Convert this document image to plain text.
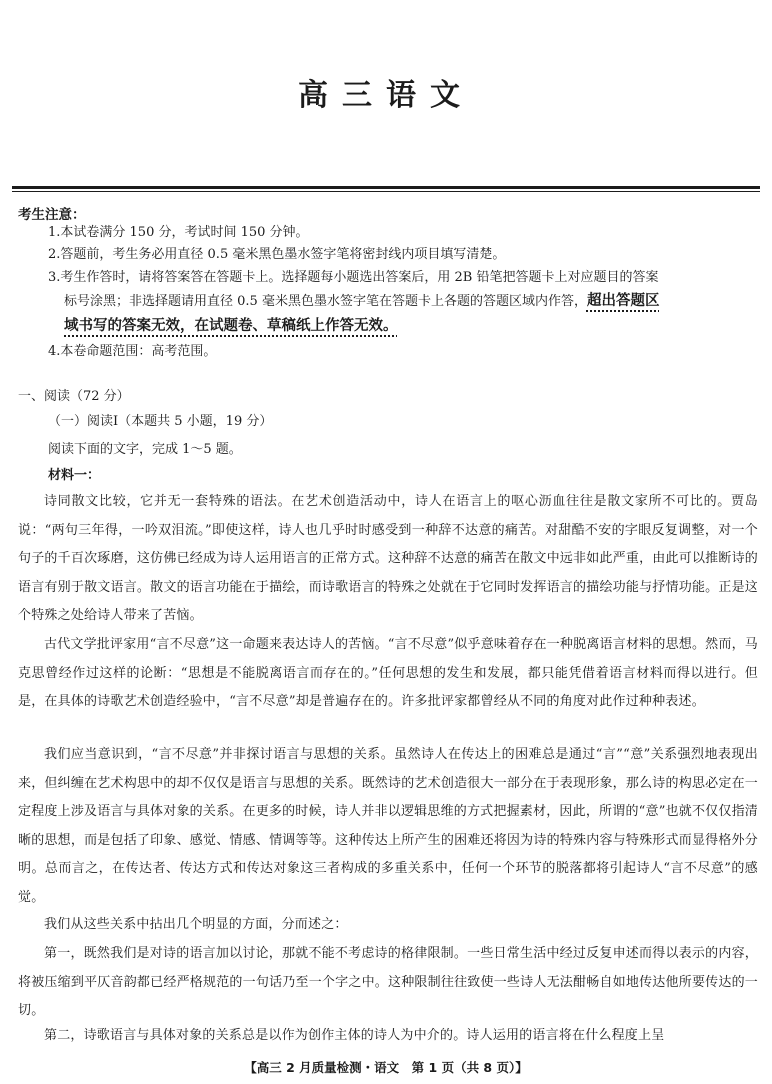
高三语文
考生注意：
1.本试卷满分 150 分，考试时间 150 分钟。
2.答题前，考生务必用直径 0.5 毫米黑色墨水签字笔将密封线内项目填写清楚。
3.考生作答时，请将答案答在答题卡上。选择题每小题选出答案后，用 2B 铅笔把答题卡上对应题目的答案
标号涂黑；非选择题请用直径 0.5 毫米黑色墨水签字笔在答题卡上各题的答题区域内作答，超出答题区
域书写的答案无效，在试题卷、草稿纸上作答无效。
4.本卷命题范围：高考范围。
一、阅读（72 分）
（一）阅读Ⅰ（本题共 5 小题，19 分）
阅读下面的文字，完成 1～5 题。
材料一：
诗同散文比较，它并无一套特殊的语法。在艺术创造活动中，诗人在语言上的呕心沥血往往是散文家所不可比的。贾岛说：“两句三年得，一吟双泪流。”即使这样，诗人也几乎时时感受到一种辞不达意的痛苦。对甜酷不安的字眼反复调整，对一个句子的千百次琢磨，这仿佛已经成为诗人运用语言的正常方式。这种辞不达意的痛苦在散文中远非如此严重，由此可以推断诗的语言有别于散文语言。散文的语言功能在于描绘，而诗歌语言的特殊之处就在于它同时发挥语言的描绘功能与抒情功能。正是这个特殊之处给诗人带来了苦恼。
古代文学批评家用“言不尽意”这一命题来表达诗人的苦恼。“言不尽意”似乎意味着存在一种脱离语言材料的思想。然而，马克思曾经作过这样的论断：“思想是不能脱离语言而存在的。”任何思想的发生和发展，都只能凭借着语言材料而得以进行。但是，在具体的诗歌艺术创造经验中，“言不尽意”却是普遍存在的。许多批评家都曾经从不同的角度对此作过种种表述。
我们应当意识到，“言不尽意”并非探讨语言与思想的关系。虽然诗人在传达上的困难总是通过“言”“意”关系强烈地表现出来，但纠缠在艺术构思中的却不仅仅是语言与思想的关系。既然诗的艺术创造很大一部分在于表现形象，那么诗的构思必定在一定程度上涉及语言与具体对象的关系。在更多的时候，诗人并非以逻辑思维的方式把握素材，因此，所谓的“意”也就不仅仅指清晰的思想，而是包括了印象、感觉、情感、情调等等。这种传达上所产生的困难还将因为诗的特殊内容与特殊形式而显得格外分明。总而言之，在传达者、传达方式和传达对象这三者构成的多重关系中，任何一个环节的脱落都将引起诗人“言不尽意”的感觉。
我们从这些关系中拈出几个明显的方面，分而述之：
第一，既然我们是对诗的语言加以讨论，那就不能不考虑诗的格律限制。一些日常生活中经过反复申述而得以表示的内容，将被压缩到平仄音韵都已经严格规范的一句话乃至一个字之中。这种限制往往致使一些诗人无法酣畅自如地传达他所要传达的一切。
第二，诗歌语言与具体对象的关系总是以作为创作主体的诗人为中介的。诗人运用的语言将在什么程度上呈
【高三 2 月质量检测・语文　第 1 页（共 8 页）】
